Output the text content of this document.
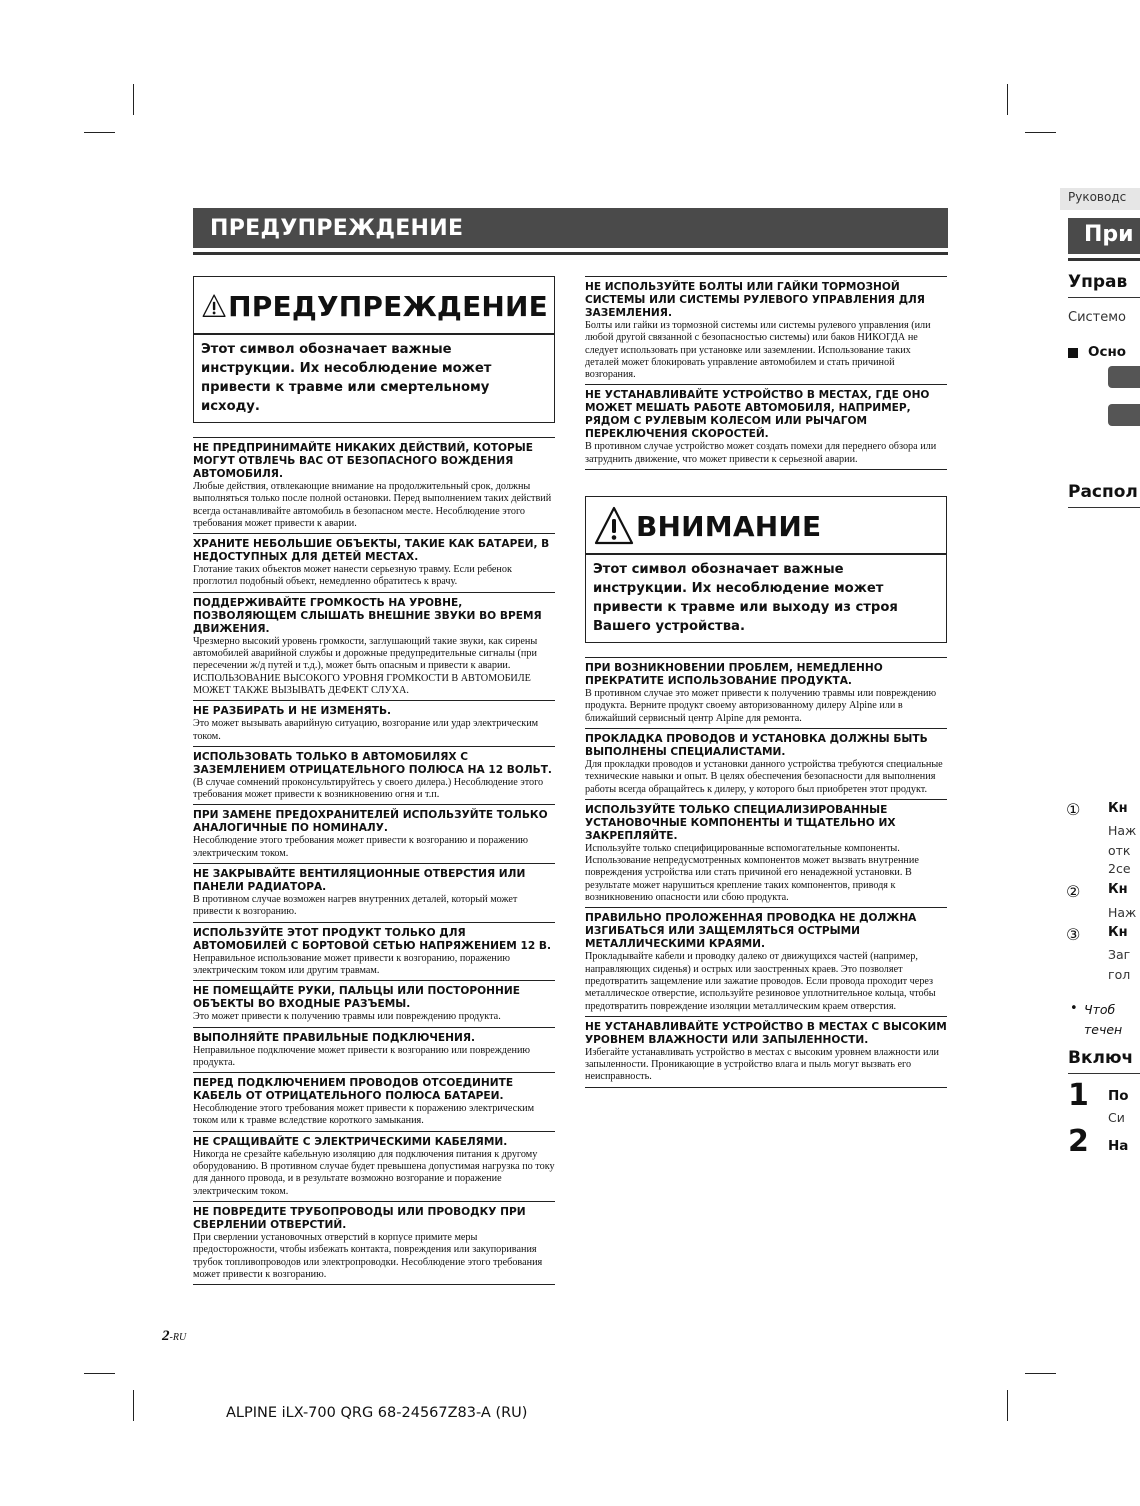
ПРЕДУПРЕЖДЕНИЕ
ПРЕДУПРЕЖДЕНИЕ
Этот символ обозначает важные инструкции. Их несоблюдение может привести к травме или смертельному исходу.
НЕ ПРЕДПРИНИМАЙТЕ НИКАКИХ ДЕЙСТВИЙ, КОТОРЫЕ МОГУТ ОТВЛЕЧЬ ВАС ОТ БЕЗОПАСНОГО ВОЖДЕНИЯ АВТОМОБИЛЯ.
Любые действия, отвлекающие внимание на продолжительный срок, должны выполняться только после полной остановки. Перед выполнением таких действий всегда останавливайте автомобиль в безопасном месте. Несоблюдение этого требования может привести к аварии.
ХРАНИТЕ НЕБОЛЬШИЕ ОБЪЕКТЫ, ТАКИЕ КАК БАТАРЕИ, В НЕДОСТУПНЫХ ДЛЯ ДЕТЕЙ МЕСТАХ.
Глотание таких объектов может нанести серьезную травму. Если ребенок проглотил подобный объект, немедленно обратитесь к врачу.
ПОДДЕРЖИВАЙТЕ ГРОМКОСТЬ НА УРОВНЕ, ПОЗВОЛЯЮЩЕМ СЛЫШАТЬ ВНЕШНИЕ ЗВУКИ ВО ВРЕМЯ ДВИЖЕНИЯ.
Чрезмерно высокий уровень громкости, заглушающий такие звуки, как сирены автомобилей аварийной службы и дорожные предупредительные сигналы (при пересечении ж/д путей и т.д.), может быть опасным и привести к аварии. ИСПОЛЬЗОВАНИЕ ВЫСОКОГО УРОВНЯ ГРОМКОСТИ В АВТОМОБИЛЕ МОЖЕТ ТАКЖЕ ВЫЗЫВАТЬ ДЕФЕКТ СЛУХА.
НЕ РАЗБИРАТЬ И НЕ ИЗМЕНЯТЬ.
Это может вызывать аварийную ситуацию, возгорание или удар электрическим током.
ИСПОЛЬЗОВАТЬ ТОЛЬКО В АВТОМОБИЛЯХ С ЗАЗЕМЛЕНИЕМ ОТРИЦАТЕЛЬНОГО ПОЛЮСА НА 12 ВОЛЬТ.
(В случае сомнений проконсультируйтесь у своего дилера.) Несоблюдение этого требования может привести к возникновению огня и т.п.
ПРИ ЗАМЕНЕ ПРЕДОХРАНИТЕЛЕЙ ИСПОЛЬЗУЙТЕ ТОЛЬКО АНАЛОГИЧНЫЕ ПО НОМИНАЛУ.
Несоблюдение этого требования может привести к возгоранию и поражению электрическим током.
НЕ ЗАКРЫВАЙТЕ ВЕНТИЛЯЦИОННЫЕ ОТВЕРСТИЯ ИЛИ ПАНЕЛИ РАДИАТОРА.
В противном случае возможен нагрев внутренних деталей, который может привести к возгоранию.
ИСПОЛЬЗУЙТЕ ЭТОТ ПРОДУКТ ТОЛЬКО ДЛЯ АВТОМОБИЛЕЙ С БОРТОВОЙ СЕТЬЮ НАПРЯЖЕНИЕМ 12 В.
Неправильное использование может привести к возгоранию, поражению электрическим током или другим травмам.
НЕ ПОМЕЩАЙТЕ РУКИ, ПАЛЬЦЫ ИЛИ ПОСТОРОННИЕ ОБЪЕКТЫ ВО ВХОДНЫЕ РАЗЪЕМЫ.
Это может привести к получению травмы или повреждению продукта.
ВЫПОЛНЯЙТЕ ПРАВИЛЬНЫЕ ПОДКЛЮЧЕНИЯ.
Неправильное подключение может привести к возгоранию или повреждению продукта.
ПЕРЕД ПОДКЛЮЧЕНИЕМ ПРОВОДОВ ОТСОЕДИНИТЕ КАБЕЛЬ ОТ ОТРИЦАТЕЛЬНОГО ПОЛЮСА БАТАРЕИ.
Несоблюдение этого требования может привести к поражению электрическим током или к травме вследствие короткого замыкания.
НЕ СРАЩИВАЙТЕ С ЭЛЕКТРИЧЕСКИМИ КАБЕЛЯМИ.
Никогда не срезайте кабельную изоляцию для подключения питания к другому оборудованию. В противном случае будет превышена допустимая нагрузка по току для данного провода, и в результате возможно возгорание и поражение электрическим током.
НЕ ПОВРЕДИТЕ ТРУБОПРОВОДЫ ИЛИ ПРОВОДКУ ПРИ СВЕРЛЕНИИ ОТВЕРСТИЙ.
При сверлении установочных отверстий в корпусе примите меры предосторожности, чтобы избежать контакта, повреждения или закупоривания трубок топливопроводов или электропроводки. Несоблюдение этого требования может привести к возгоранию.
НЕ ИСПОЛЬЗУЙТЕ БОЛТЫ ИЛИ ГАЙКИ ТОРМОЗНОЙ СИСТЕМЫ ИЛИ СИСТЕМЫ РУЛЕВОГО УПРАВЛЕНИЯ ДЛЯ ЗАЗЕМЛЕНИЯ.
Болты или гайки из тормозной системы или системы рулевого управления (или любой другой связанной с безопасностью системы) или баков НИКОГДА не следует использовать при установке или заземлении. Использование таких деталей может блокировать управление автомобилем и стать причиной возгорания.
НЕ УСТАНАВЛИВАЙТЕ УСТРОЙСТВО В МЕСТАХ, ГДЕ ОНО МОЖЕТ МЕШАТЬ РАБОТЕ АВТОМОБИЛЯ, НАПРИМЕР, РЯДОМ С РУЛЕВЫМ КОЛЕСОМ ИЛИ РЫЧАГОМ ПЕРЕКЛЮЧЕНИЯ СКОРОСТЕЙ.
В противном случае устройство может создать помехи для переднего обзора или затруднить движение, что может привести к серьезной аварии.
ВНИМАНИЕ
Этот символ обозначает важные инструкции. Их несоблюдение может привести к травме или выходу из строя Вашего устройства.
ПРИ ВОЗНИКНОВЕНИИ ПРОБЛЕМ, НЕМЕДЛЕННО ПРЕКРАТИТЕ ИСПОЛЬЗОВАНИЕ ПРОДУКТА.
В противном случае это может привести к получению травмы или повреждению продукта. Верните продукт своему авторизованному дилеру Alpine или в ближайший сервисный центр Alpine для ремонта.
ПРОКЛАДКА ПРОВОДОВ И УСТАНОВКА ДОЛЖНЫ БЫТЬ ВЫПОЛНЕНЫ СПЕЦИАЛИСТАМИ.
Для прокладки проводов и установки данного устройства требуются специальные технические навыки и опыт. В целях обеспечения безопасности для выполнения работы всегда обращайтесь к дилеру, у которого был приобретен этот продукт.
ИСПОЛЬЗУЙТЕ ТОЛЬКО СПЕЦИАЛИЗИРОВАННЫЕ УСТАНОВОЧНЫЕ КОМПОНЕНТЫ И ТЩАТЕЛЬНО ИХ ЗАКРЕПЛЯЙТЕ.
Используйте только специфицированные вспомогательные компоненты. Использование непредусмотренных компонентов может вызвать внутренние повреждения устройства или стать причиной его ненадежной установки. В результате может нарушиться крепление таких компонентов, приводя к возникновению опасности или сбою продукта.
ПРАВИЛЬНО ПРОЛОЖЕННАЯ ПРОВОДКА НЕ ДОЛЖНА ИЗГИБАТЬСЯ ИЛИ ЗАЩЕМЛЯТЬСЯ ОСТРЫМИ МЕТАЛЛИЧЕСКИМИ КРАЯМИ.
Прокладывайте кабели и проводку далеко от движущихся частей (например, направляющих сиденья) и острых или заостренных краев. Это позволяет предотвратить защемление или зажатие проводов. Если провода проходит через металлическое отверстие, используйте резиновое уплотнительное кольца, чтобы предотвратить повреждение изоляции металлическим краем отверстия.
НЕ УСТАНАВЛИВАЙТЕ УСТРОЙСТВО В МЕСТАХ С ВЫСОКИМ УРОВНЕМ ВЛАЖНОСТИ ИЛИ ЗАПЫЛЕННОСТИ.
Избегайте устанавливать устройство в местах с высоким уровнем влажности или запыленности. Проникающие в устройство влага и пыль могут вызвать его неисправность.
2-RU
ALPINE iLX-700 QRG 68-24567Z83-A (RU)
Руководс
При
Управ
Системо
Осно
Распол
① Кн
Наж
отк
2се
② Кн
Наж
③ Кн
Заг
гол
• Чтоб
течен
Включ
1 По
Си
2 На
